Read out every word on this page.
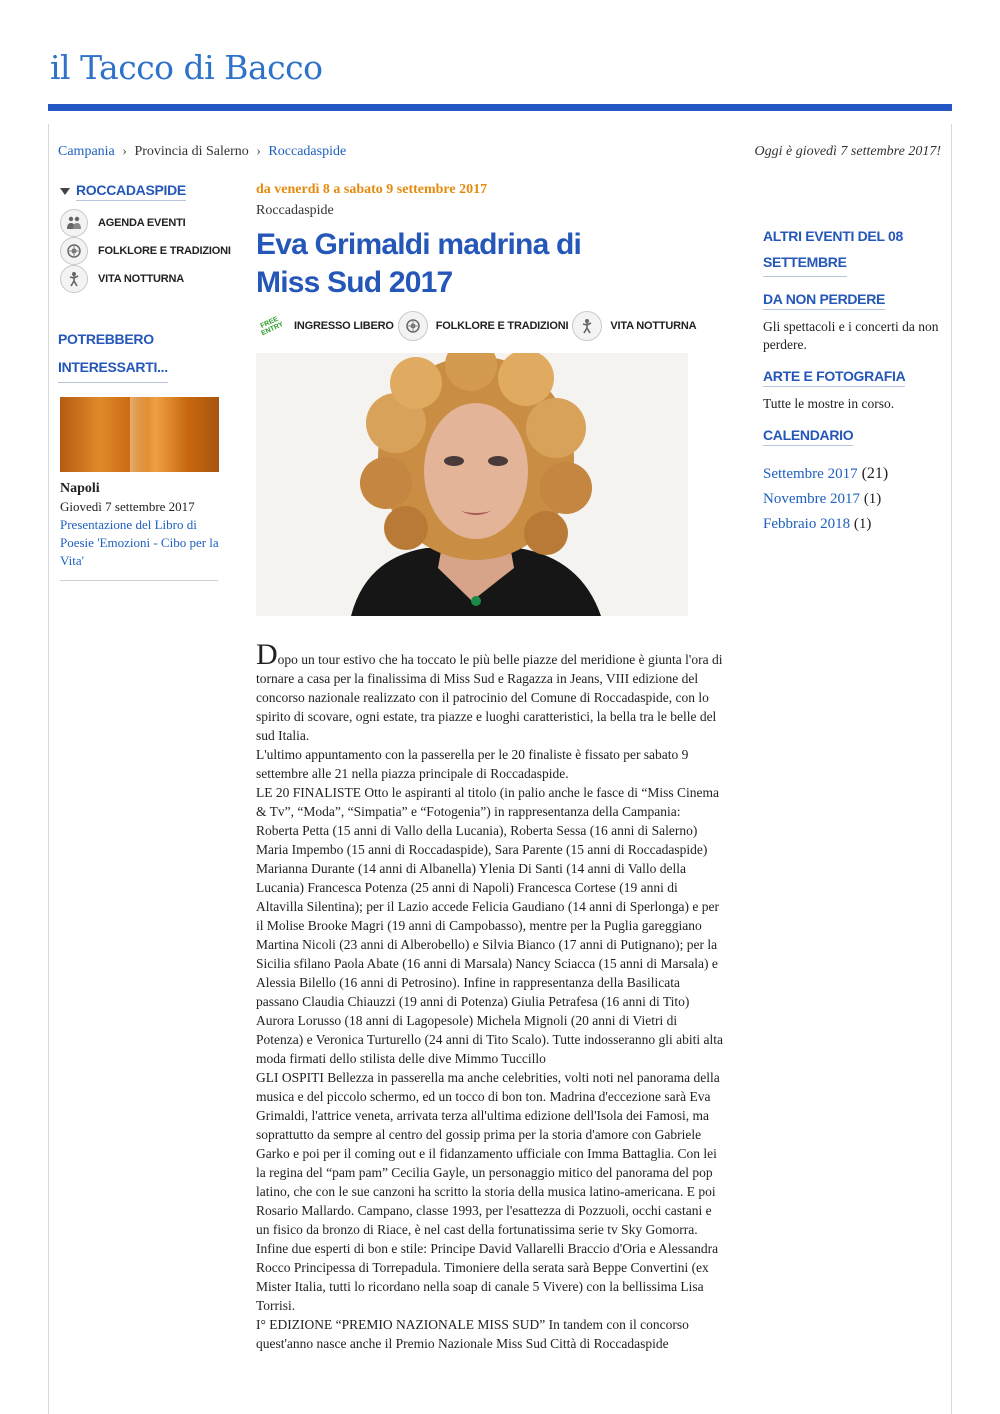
il Tacco di Bacco
Campania › Provincia di Salerno › Roccadaspide	Oggi è giovedì 7 settembre 2017!
ROCCADASPIDE
AGENDA EVENTI
FOLKLORE E TRADIZIONI
VITA NOTTURNA
POTREBBERO
INTERESSARTI...
Napoli
Giovedì 7 settembre 2017
Presentazione del Libro di Poesie 'Emozioni - Cibo per la Vita'
da venerdì 8 a sabato 9 settembre 2017
Roccadaspide
Eva Grimaldi madrina di
Miss Sud 2017
FREE ENTRY INGRESSO LIBERO	FOLKLORE E TRADIZIONI	VITA NOTTURNA

Dopo un tour estivo che ha toccato le più belle piazze del meridione è giunta l'ora di tornare a casa per la finalissima di Miss Sud e Ragazza in Jeans, VIII edizione del concorso nazionale realizzato con il patrocinio del Comune di Roccadaspide, con lo spirito di scovare, ogni estate, tra piazze e luoghi caratteristici, la bella tra le belle del sud Italia.

L'ultimo appuntamento con la passerella per le 20 finaliste è fissato per sabato 9 settembre alle 21 nella piazza principale di Roccadaspide.

LE 20 FINALISTE Otto le aspiranti al titolo (in palio anche le fasce di “Miss Cinema & Tv”, “Moda”, “Simpatia” e “Fotogenia”) in rappresentanza della Campania: Roberta Petta (15 anni di Vallo della Lucania), Roberta Sessa (16 anni di Salerno) Maria Impembo (15 anni di Roccadaspide), Sara Parente (15 anni di Roccadaspide) Marianna Durante (14 anni di Albanella) Ylenia Di Santi (14 anni di Vallo della Lucania) Francesca Potenza (25 anni di Napoli) Francesca Cortese (19 anni di Altavilla Silentina); per il Lazio accede Felicia Gaudiano (14 anni di Sperlonga) e per il Molise Brooke Magri (19 anni di Campobasso), mentre per la Puglia gareggiano Martina Nicoli (23 anni di Alberobello) e Silvia Bianco (17 anni di Putignano); per la Sicilia sfilano Paola Abate (16 anni di Marsala) Nancy Sciacca (15 anni di Marsala) e Alessia Bilello (16 anni di Petrosino). Infine in rappresentanza della Basilicata passano Claudia Chiauzzi (19 anni di Potenza) Giulia Petrafesa (16 anni di Tito) Aurora Lorusso (18 anni di Lagopesole) Michela Mignoli (20 anni di Vietri di Potenza) e Veronica Turturello (24 anni di Tito Scalo). Tutte indosseranno gli abiti alta moda firmati dello stilista delle dive Mimmo Tuccillo

GLI OSPITI Bellezza in passerella ma anche celebrities, volti noti nel panorama della musica e del piccolo schermo, ed un tocco di bon ton. Madrina d'eccezione sarà Eva Grimaldi, l'attrice veneta, arrivata terza all'ultima edizione dell'Isola dei Famosi, ma soprattutto da sempre al centro del gossip prima per la storia d'amore con Gabriele Garko e poi per il coming out e il fidanzamento ufficiale con Imma Battaglia. Con lei la regina del “pam pam” Cecilia Gayle, un personaggio mitico del panorama del pop latino, che con le sue canzoni ha scritto la storia della musica latino-americana. E poi Rosario Mallardo. Campano, classe 1993, per l'esattezza di Pozzuoli, occhi castani e un fisico da bronzo di Riace, è nel cast della fortunatissima serie tv Sky Gomorra. Infine due esperti di bon e stile: Principe David Vallarelli Braccio d'Oria e Alessandra Rocco Principessa di Torrepadula. Timoniere della serata sarà Beppe Convertini (ex Mister Italia, tutti lo ricordano nella soap di canale 5 Vivere) con la bellissima Lisa Torrisi.

I° EDIZIONE “PREMIO NAZIONALE MISS SUD” In tandem con il concorso quest'anno nasce anche il Premio Nazionale Miss Sud Città di Roccadaspide

ALTRI EVENTI DEL 08
SETTEMBRE
DA NON PERDERE
Gli spettacoli e i concerti da non perdere.
ARTE E FOTOGRAFIA
Tutte le mostre in corso.
CALENDARIO
Settembre 2017 (21)
Novembre 2017 (1)
Febbraio 2018 (1)
